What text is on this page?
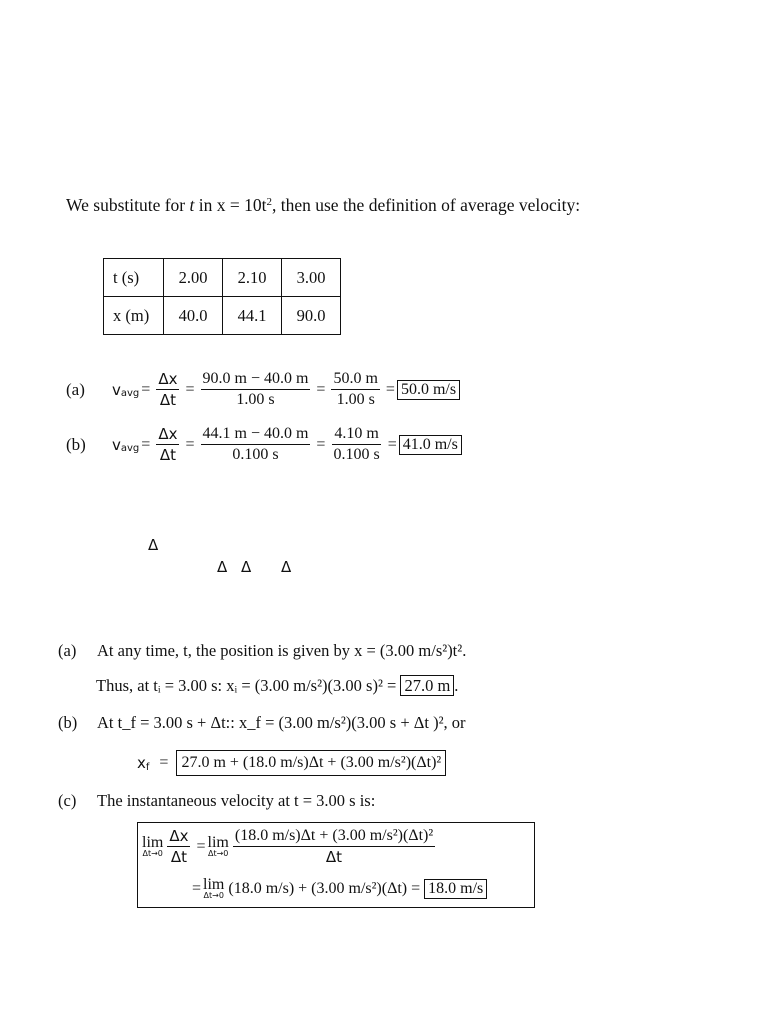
We substitute for t in $x = 10t^2$, then use the definition of average velocity:
t (s)	2.00	2.10	3.00
x (m)	40.0	44.1	90.0
(a)	v avg = $\frac{\Delta x}{\Delta t} = \frac{90.0 m - 40.0 m}{1.00 s} = \frac{50.0 m}{1.00 s} = 50.0$ m/s
(b)	v avg = $\frac{\Delta x}{\Delta t} = \frac{44.1 m - 40.0 m}{0.100 s} = \frac{4.10 m}{0.100 s} = 41.0$ m/s
Δ
Δ Δ Δ
(a) At any time, t, the position is given by x = (3.00 m/s²)t².
Thus, at tᵢ = 3.00 s: xᵢ = (3.00 m/s²)(3.00 s)² = 27.0 m .
(b) At t_f = 3.00 s + Δt:: x_f = (3.00 m/s²)(3.00 s + Δt )², or
x f = 27.0 m + (18.0 m/s)Δt + (3.00 m/s²)(Δt)²
(c) The instantaneous velocity at t = 3.00 s is:
lim
$\Delta t\to 0 \frac{\Delta x}{\Delta t} = \lim$
$\Delta t\to 0 \frac{\text{(18.0 m/s)Δt + (3.00 m/s²)(Δt)²}}{\Delta t}$
= lim
Δt→0 (18.0 m/s) + (3.00 m/s²)(Δt) = 18.0 m/s
